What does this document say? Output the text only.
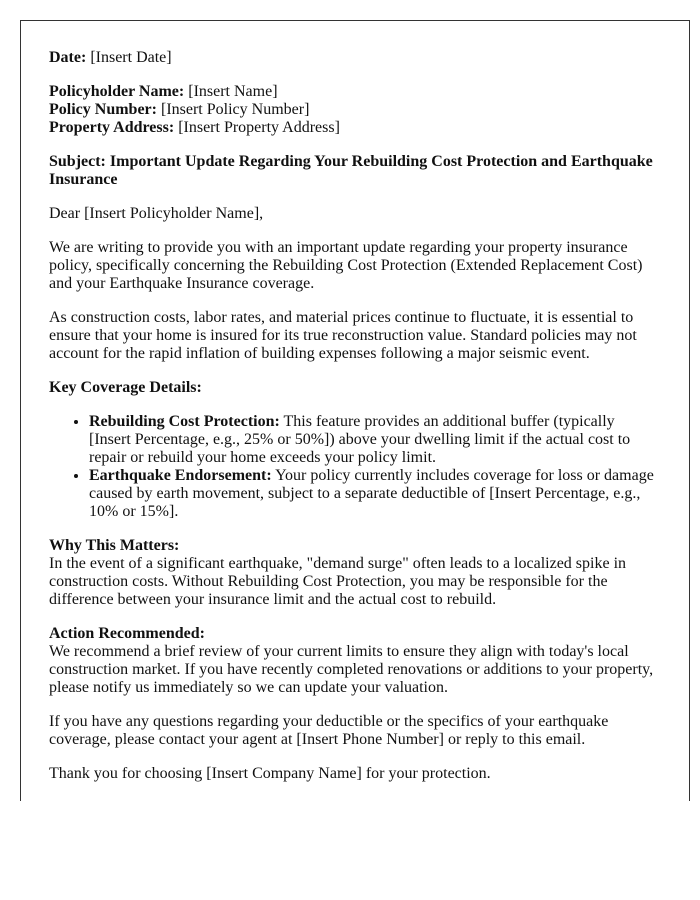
Date: [Insert Date]

Policyholder Name: [Insert Name]
Policy Number: [Insert Policy Number]
Property Address: [Insert Property Address]

Subject: Important Update Regarding Your Rebuilding Cost Protection and Earthquake Insurance

Dear [Insert Policyholder Name],

We are writing to provide you with an important update regarding your property insurance policy, specifically concerning the Rebuilding Cost Protection (Extended Replacement Cost) and your Earthquake Insurance coverage.

As construction costs, labor rates, and material prices continue to fluctuate, it is essential to ensure that your home is insured for its true reconstruction value. Standard policies may not account for the rapid inflation of building expenses following a major seismic event.

Key Coverage Details:

• Rebuilding Cost Protection: This feature provides an additional buffer (typically [Insert Percentage, e.g., 25% or 50%]) above your dwelling limit if the actual cost to repair or rebuild your home exceeds your policy limit.
• Earthquake Endorsement: Your policy currently includes coverage for loss or damage caused by earth movement, subject to a separate deductible of [Insert Percentage, e.g., 10% or 15%].

Why This Matters:
In the event of a significant earthquake, "demand surge" often leads to a localized spike in construction costs. Without Rebuilding Cost Protection, you may be responsible for the difference between your insurance limit and the actual cost to rebuild.

Action Recommended:
We recommend a brief review of your current limits to ensure they align with today's local construction market. If you have recently completed renovations or additions to your property, please notify us immediately so we can update your valuation.

If you have any questions regarding your deductible or the specifics of your earthquake coverage, please contact your agent at [Insert Phone Number] or reply to this email.

Thank you for choosing [Insert Company Name] for your protection.
